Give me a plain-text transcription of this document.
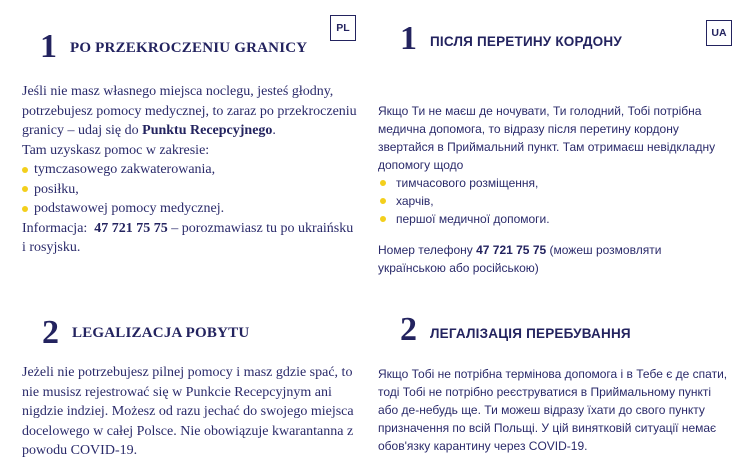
PL
1 PO PRZEKROCZENIU GRANICY

Jeśli nie masz własnego miejsca noclegu, jesteś głodny, potrzebujesz pomocy medycznej, to zaraz po przekroczeniu granicy – udaj się do Punktu Recepcyjnego.

Tam uzyskasz pomoc w zakresie:

tymczasowego zakwaterowania,
posiłku,
podstawowej pomocy medycznej.

Informacja: 47 721 75 75 – porozmawiasz tu po ukraińsku i rosyjsku.

2 LEGALIZACJA POBYTU
Jeżeli nie potrzebujesz pilnej pomocy i masz gdzie spać, to nie musisz rejestrować się w Punkcie Recepcyjnym ani nigdzie indziej. Możesz od razu jechać do swojego miejsca docelowego w całej Polsce. Nie obowiązuje kwarantanna z powodu COVID-19.
UA
1 ПІСЛЯ ПЕРЕТИНУ КОРДОНУ

Якщо Ти не маєш де ночувати, Ти голодний, Тобі потрібна медична допомога, то відразу після перетину кордону звертайся в Приймальний пункт. Там отримаєш невідкладну допомогу щодо

тимчасового розміщення,
харчів,
першої медичної допомоги.
Номер телефону 47 721 75 75 (можеш розмовляти українською або російською)
2 ЛЕГАЛІЗАЦІЯ ПЕРЕБУВАННЯ
Якщо Тобі не потрібна термінова допомога і в Тебе є де спати, тоді Тобі не потрібно реєструватися в Приймальному пункті або де-небудь ще. Ти можеш відразу їхати до свого пункту призначення по всій Польщі. У цій винятковій ситуації немає обов'язку карантину через COVID-19.
